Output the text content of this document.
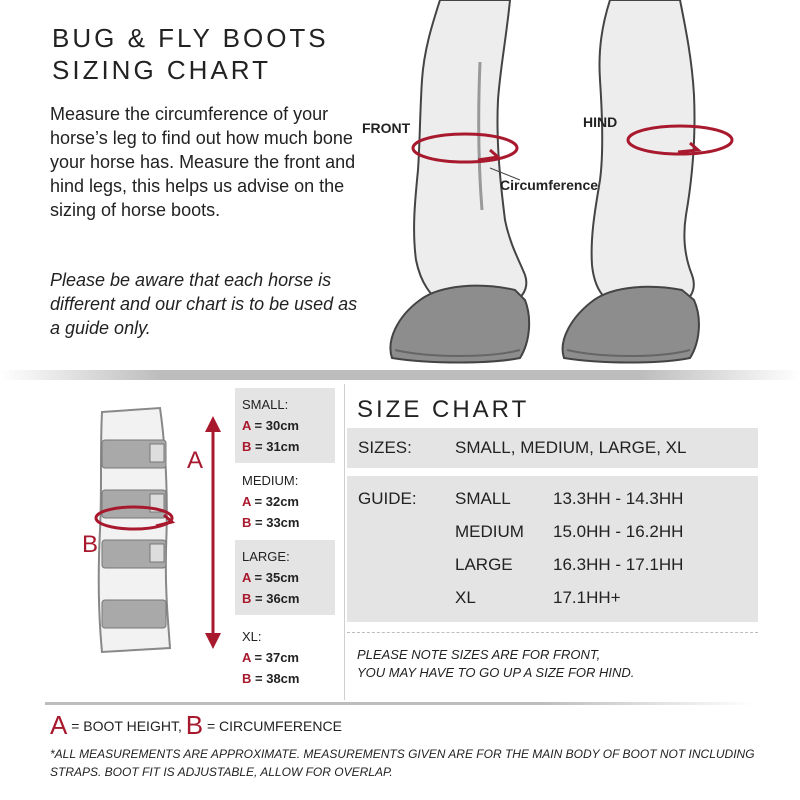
BUG & FLY BOOTS
SIZING CHART

Measure the circumference of your horse’s leg to find out how much bone your horse has. Measure the front and hind legs, this helps us advise on the sizing of horse boots.

Please be aware that each horse is different and our chart is to be used as a guide only.

FRONT	HIND
Circumference
A
B
SMALL:
A = 30cm
B = 31cm
MEDIUM:
A = 32cm
B = 33cm
LARGE:
A = 35cm
B = 36cm
XL:
A = 37cm
B = 38cm
SIZE CHART
SIZES:	SMALL, MEDIUM, LARGE, XL
GUIDE: SMALL 13.3HH - 14.3HH
MEDIUM 15.0HH - 16.2HH
LARGE 16.3HH - 17.1HH
XL	17.1HH+
PLEASE NOTE SIZES ARE FOR FRONT,
YOU MAY HAVE TO GO UP A SIZE FOR HIND.
A = BOOT HEIGHT, B = CIRCUMFERENCE

*ALL MEASUREMENTS ARE APPROXIMATE. MEASUREMENTS GIVEN ARE FOR THE MAIN BODY OF BOOT NOT INCLUDING STRAPS. BOOT FIT IS ADJUSTABLE, ALLOW FOR OVERLAP.
